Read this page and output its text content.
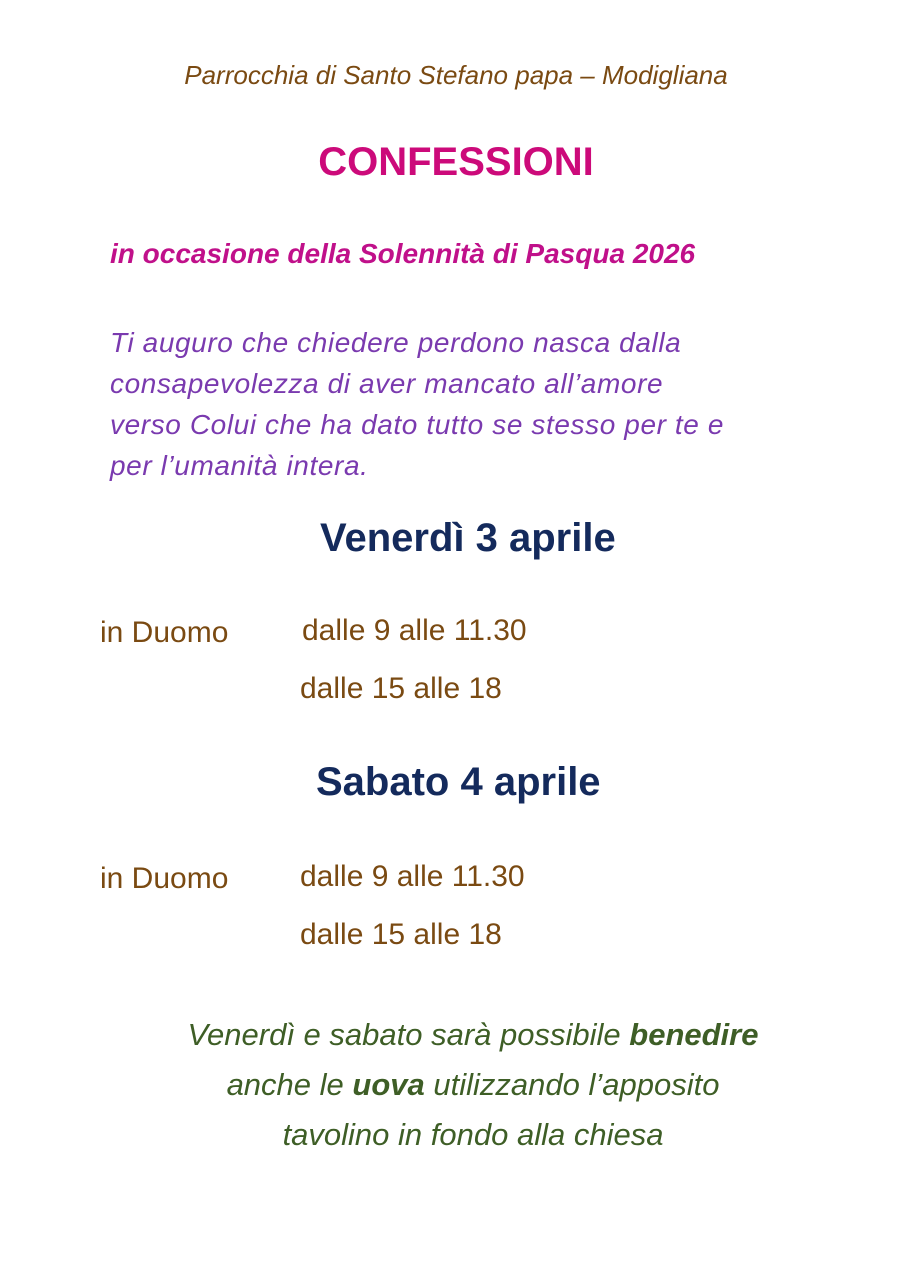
Parrocchia di Santo Stefano papa – Modigliana
CONFESSIONI
in occasione della Solennità di Pasqua 2026
Ti auguro che chiedere perdono nasca dalla
consapevolezza di aver mancato all’amore
verso Colui che ha dato tutto se stesso per te e
per l’umanità intera.
Venerdì 3 aprile
in Duomo dalle 9 alle 11.30
dalle 15 alle 18
Sabato 4 aprile
in Duomo dalle 9 alle 11.30
dalle 15 alle 18
Venerdì e sabato sarà possibile benedire
anche le uova utilizzando l’apposito
tavolino in fondo alla chiesa
